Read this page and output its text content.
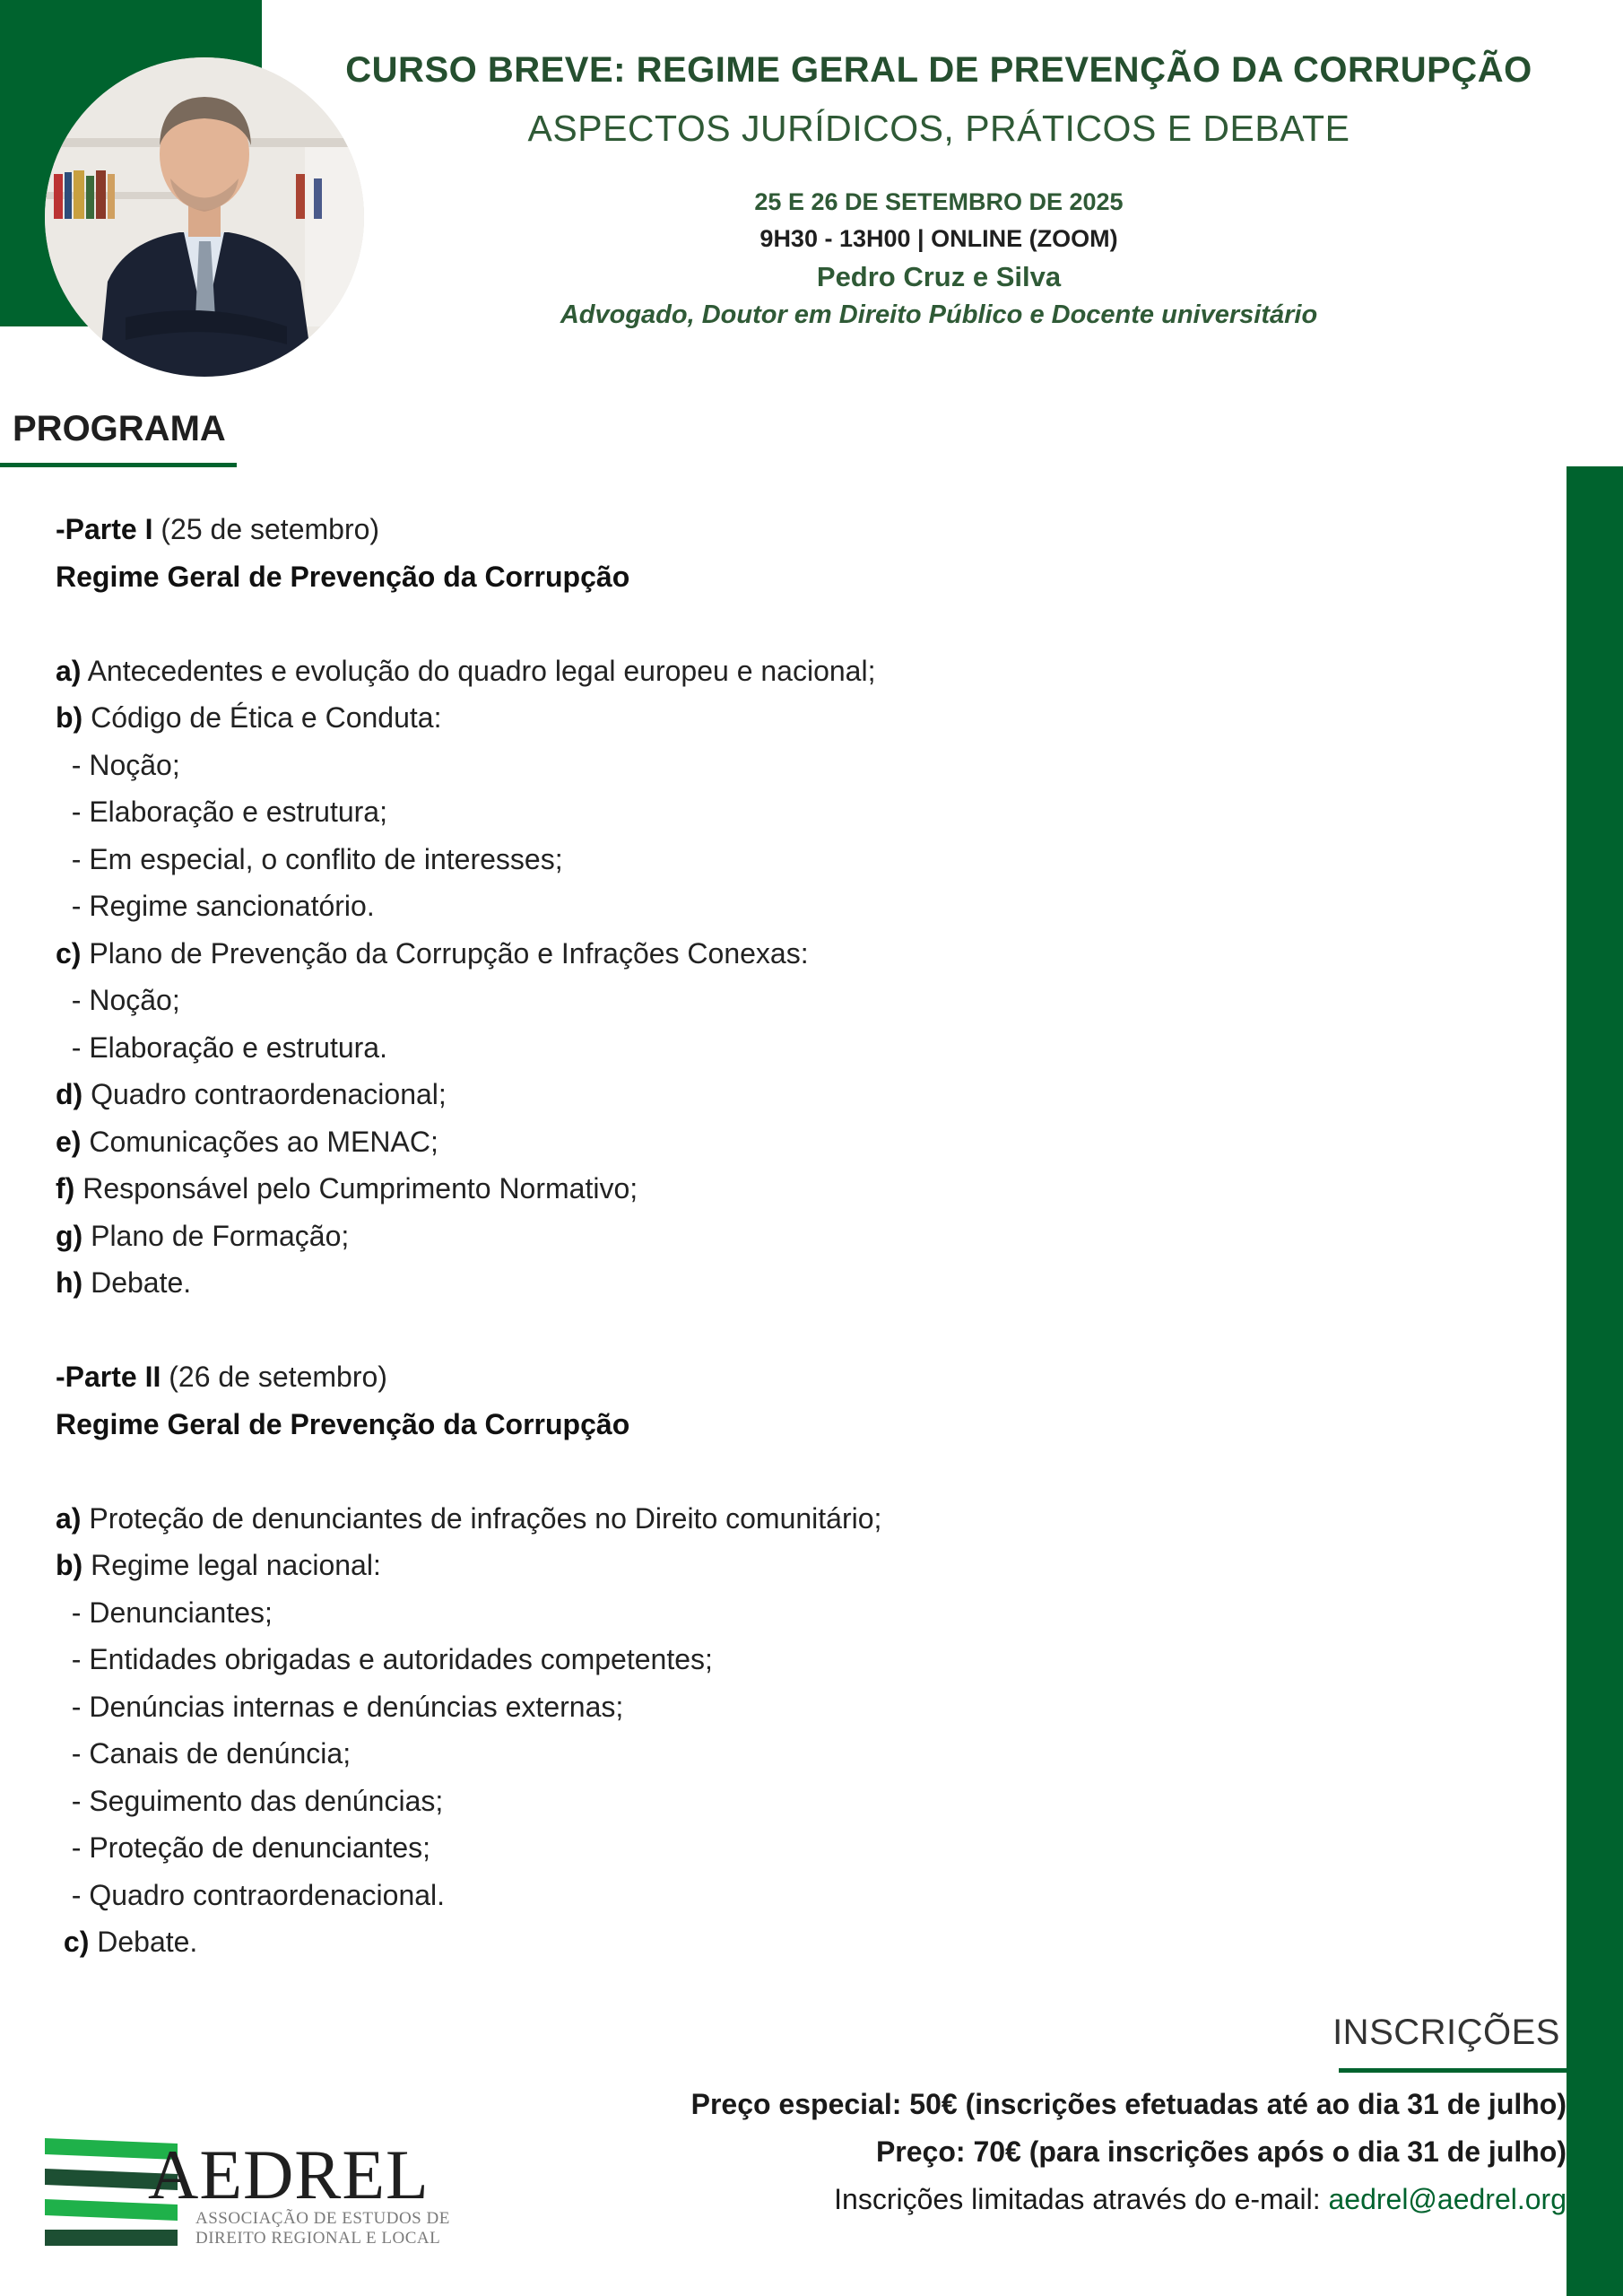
CURSO BREVE: REGIME GERAL DE PREVENÇÃO DA CORRUPÇÃO
ASPECTOS JURÍDICOS, PRÁTICOS E DEBATE
25 E 26 DE SETEMBRO DE 2025
9H30 - 13H00 | ONLINE (ZOOM)
Pedro Cruz e Silva
Advogado, Doutor em Direito Público e Docente universitário
PROGRAMA
-Parte I (25 de setembro)
Regime Geral de Prevenção da Corrupção
a) Antecedentes e evolução do quadro legal europeu e nacional;
b) Código de Ética e Conduta:
- Noção;
- Elaboração e estrutura;
- Em especial, o conflito de interesses;
- Regime sancionatório.
c) Plano de Prevenção da Corrupção e Infrações Conexas:
- Noção;
- Elaboração e estrutura.
d) Quadro contraordenacional;
e) Comunicações ao MENAC;
f) Responsável pelo Cumprimento Normativo;
g) Plano de Formação;
h) Debate.
-Parte II (26 de setembro)
Regime Geral de Prevenção da Corrupção
a) Proteção de denunciantes de infrações no Direito comunitário;
b) Regime legal nacional:
- Denunciantes;
- Entidades obrigadas e autoridades competentes;
- Denúncias internas e denúncias externas;
- Canais de denúncia;
- Seguimento das denúncias;
- Proteção de denunciantes;
- Quadro contraordenacional.
c) Debate.
INSCRIÇÕES
Preço especial: 50€ (inscrições efetuadas até ao dia 31 de julho)
Preço: 70€ (para inscrições após o dia 31 de julho)
Inscrições limitadas através do e-mail: aedrel@aedrel.org
AEDREL
ASSOCIAÇÃO DE ESTUDOS DE
DIREITO REGIONAL E LOCAL
